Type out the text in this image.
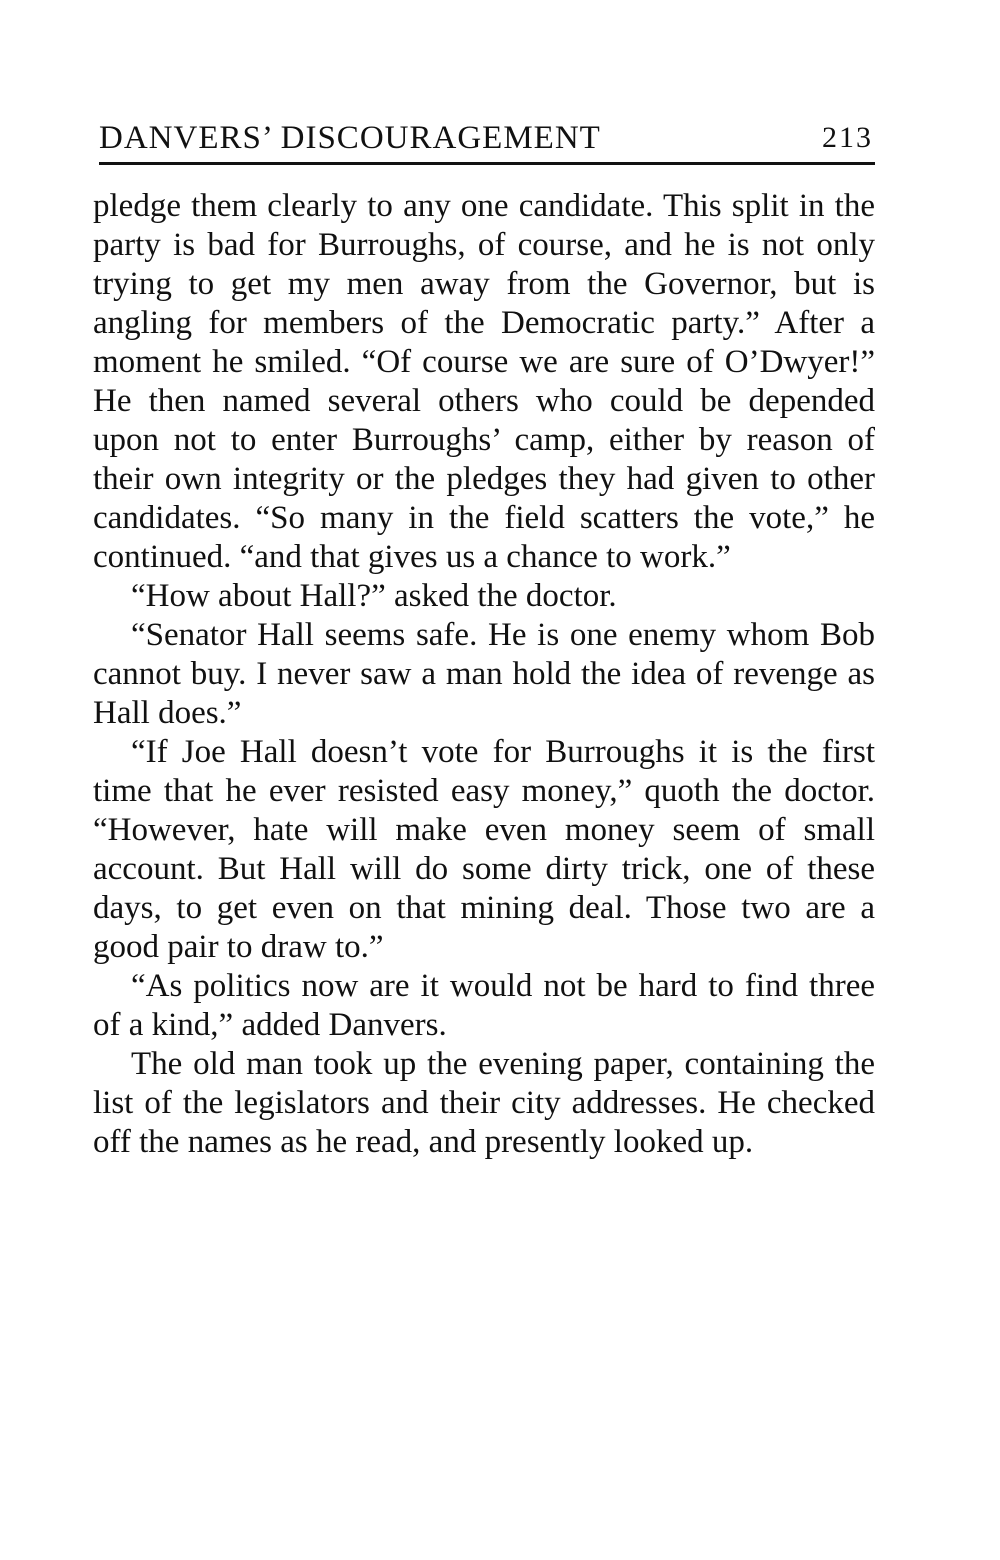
DANVERS’ DISCOURAGEMENT	213

pledge them clearly to any one candidate. This split in the party is bad for Burroughs, of course, and he is not only trying to get my men away from the Governor, but is angling for members of the Democratic party.” After a moment he smiled. “Of course we are sure of O’Dwyer!” He then named several others who could be depended upon not to enter Burroughs’ camp, either by reason of their own integrity or the pledges they had given to other candidates. “So many in the field scatters the vote,” he continued. “and that gives us a chance to work.”

“How about Hall?” asked the doctor.

“Senator Hall seems safe. He is one enemy whom Bob cannot buy. I never saw a man hold the idea of revenge as Hall does.”

“If Joe Hall doesn’t vote for Burroughs it is the first time that he ever resisted easy money,” quoth the doctor. “However, hate will make even money seem of small account. But Hall will do some dirty trick, one of these days, to get even on that mining deal. Those two are a good pair to draw to.”

“As politics now are it would not be hard to find three of a kind,” added Danvers.

The old man took up the evening paper, containing the list of the legislators and their city addresses. He checked off the names as he read, and presently looked up.
